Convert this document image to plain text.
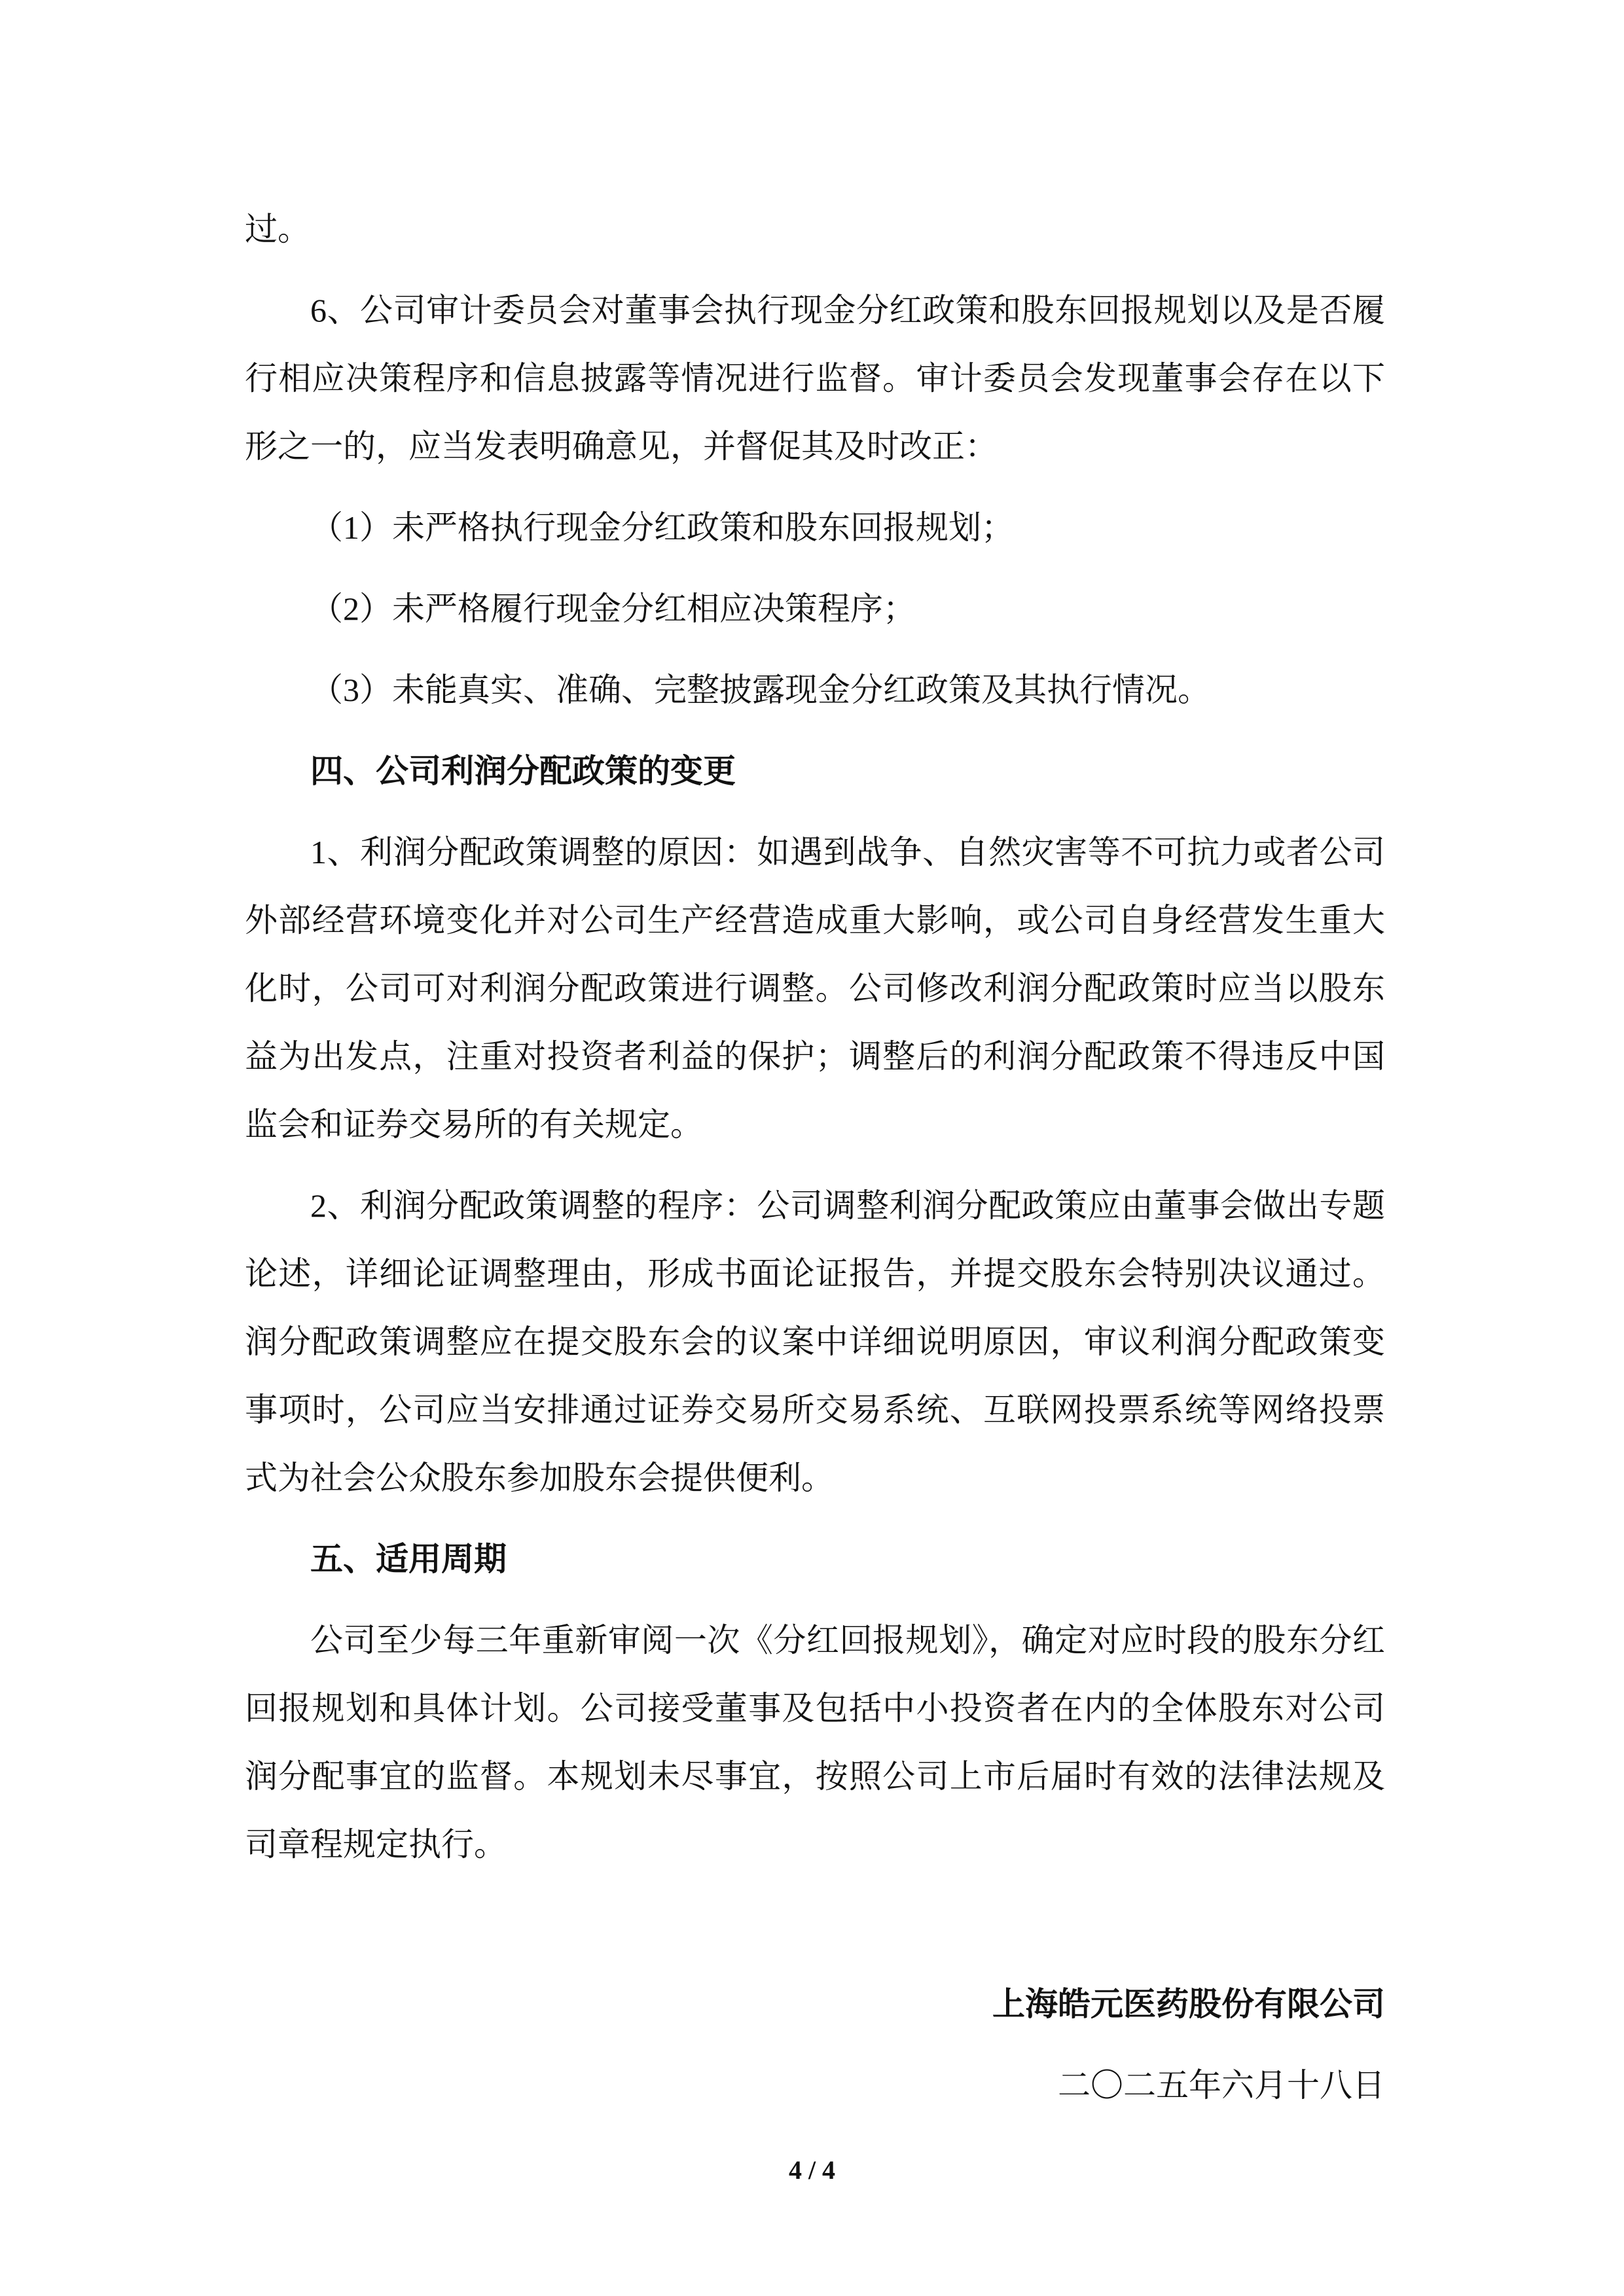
过。
6、公司审计委员会对董事会执行现金分红政策和股东回报规划以及是否履
行相应决策程序和信息披露等情况进行监督。审计委员会发现董事会存在以下
形之一的，应当发表明确意见，并督促其及时改正：
（1）未严格执行现金分红政策和股东回报规划；
（2）未严格履行现金分红相应决策程序；
（3）未能真实、准确、完整披露现金分红政策及其执行情况。
四、公司利润分配政策的变更
1、利润分配政策调整的原因：如遇到战争、自然灾害等不可抗力或者公司
外部经营环境变化并对公司生产经营造成重大影响，或公司自身经营发生重大
化时，公司可对利润分配政策进行调整。公司修改利润分配政策时应当以股东
益为出发点，注重对投资者利益的保护；调整后的利润分配政策不得违反中国
监会和证券交易所的有关规定。
2、利润分配政策调整的程序：公司调整利润分配政策应由董事会做出专题
论述，详细论证调整理由，形成书面论证报告，并提交股东会特别决议通过。
润分配政策调整应在提交股东会的议案中详细说明原因，审议利润分配政策变
事项时，公司应当安排通过证券交易所交易系统、互联网投票系统等网络投票
式为社会公众股东参加股东会提供便利。
五、适用周期
公司至少每三年重新审阅一次《分红回报规划》，确定对应时段的股东分红
回报规划和具体计划。公司接受董事及包括中小投资者在内的全体股东对公司
润分配事宜的监督。本规划未尽事宜，按照公司上市后届时有效的法律法规及
司章程规定执行。
上海皓元医药股份有限公司
二〇二五年六月十八日
4 / 4
